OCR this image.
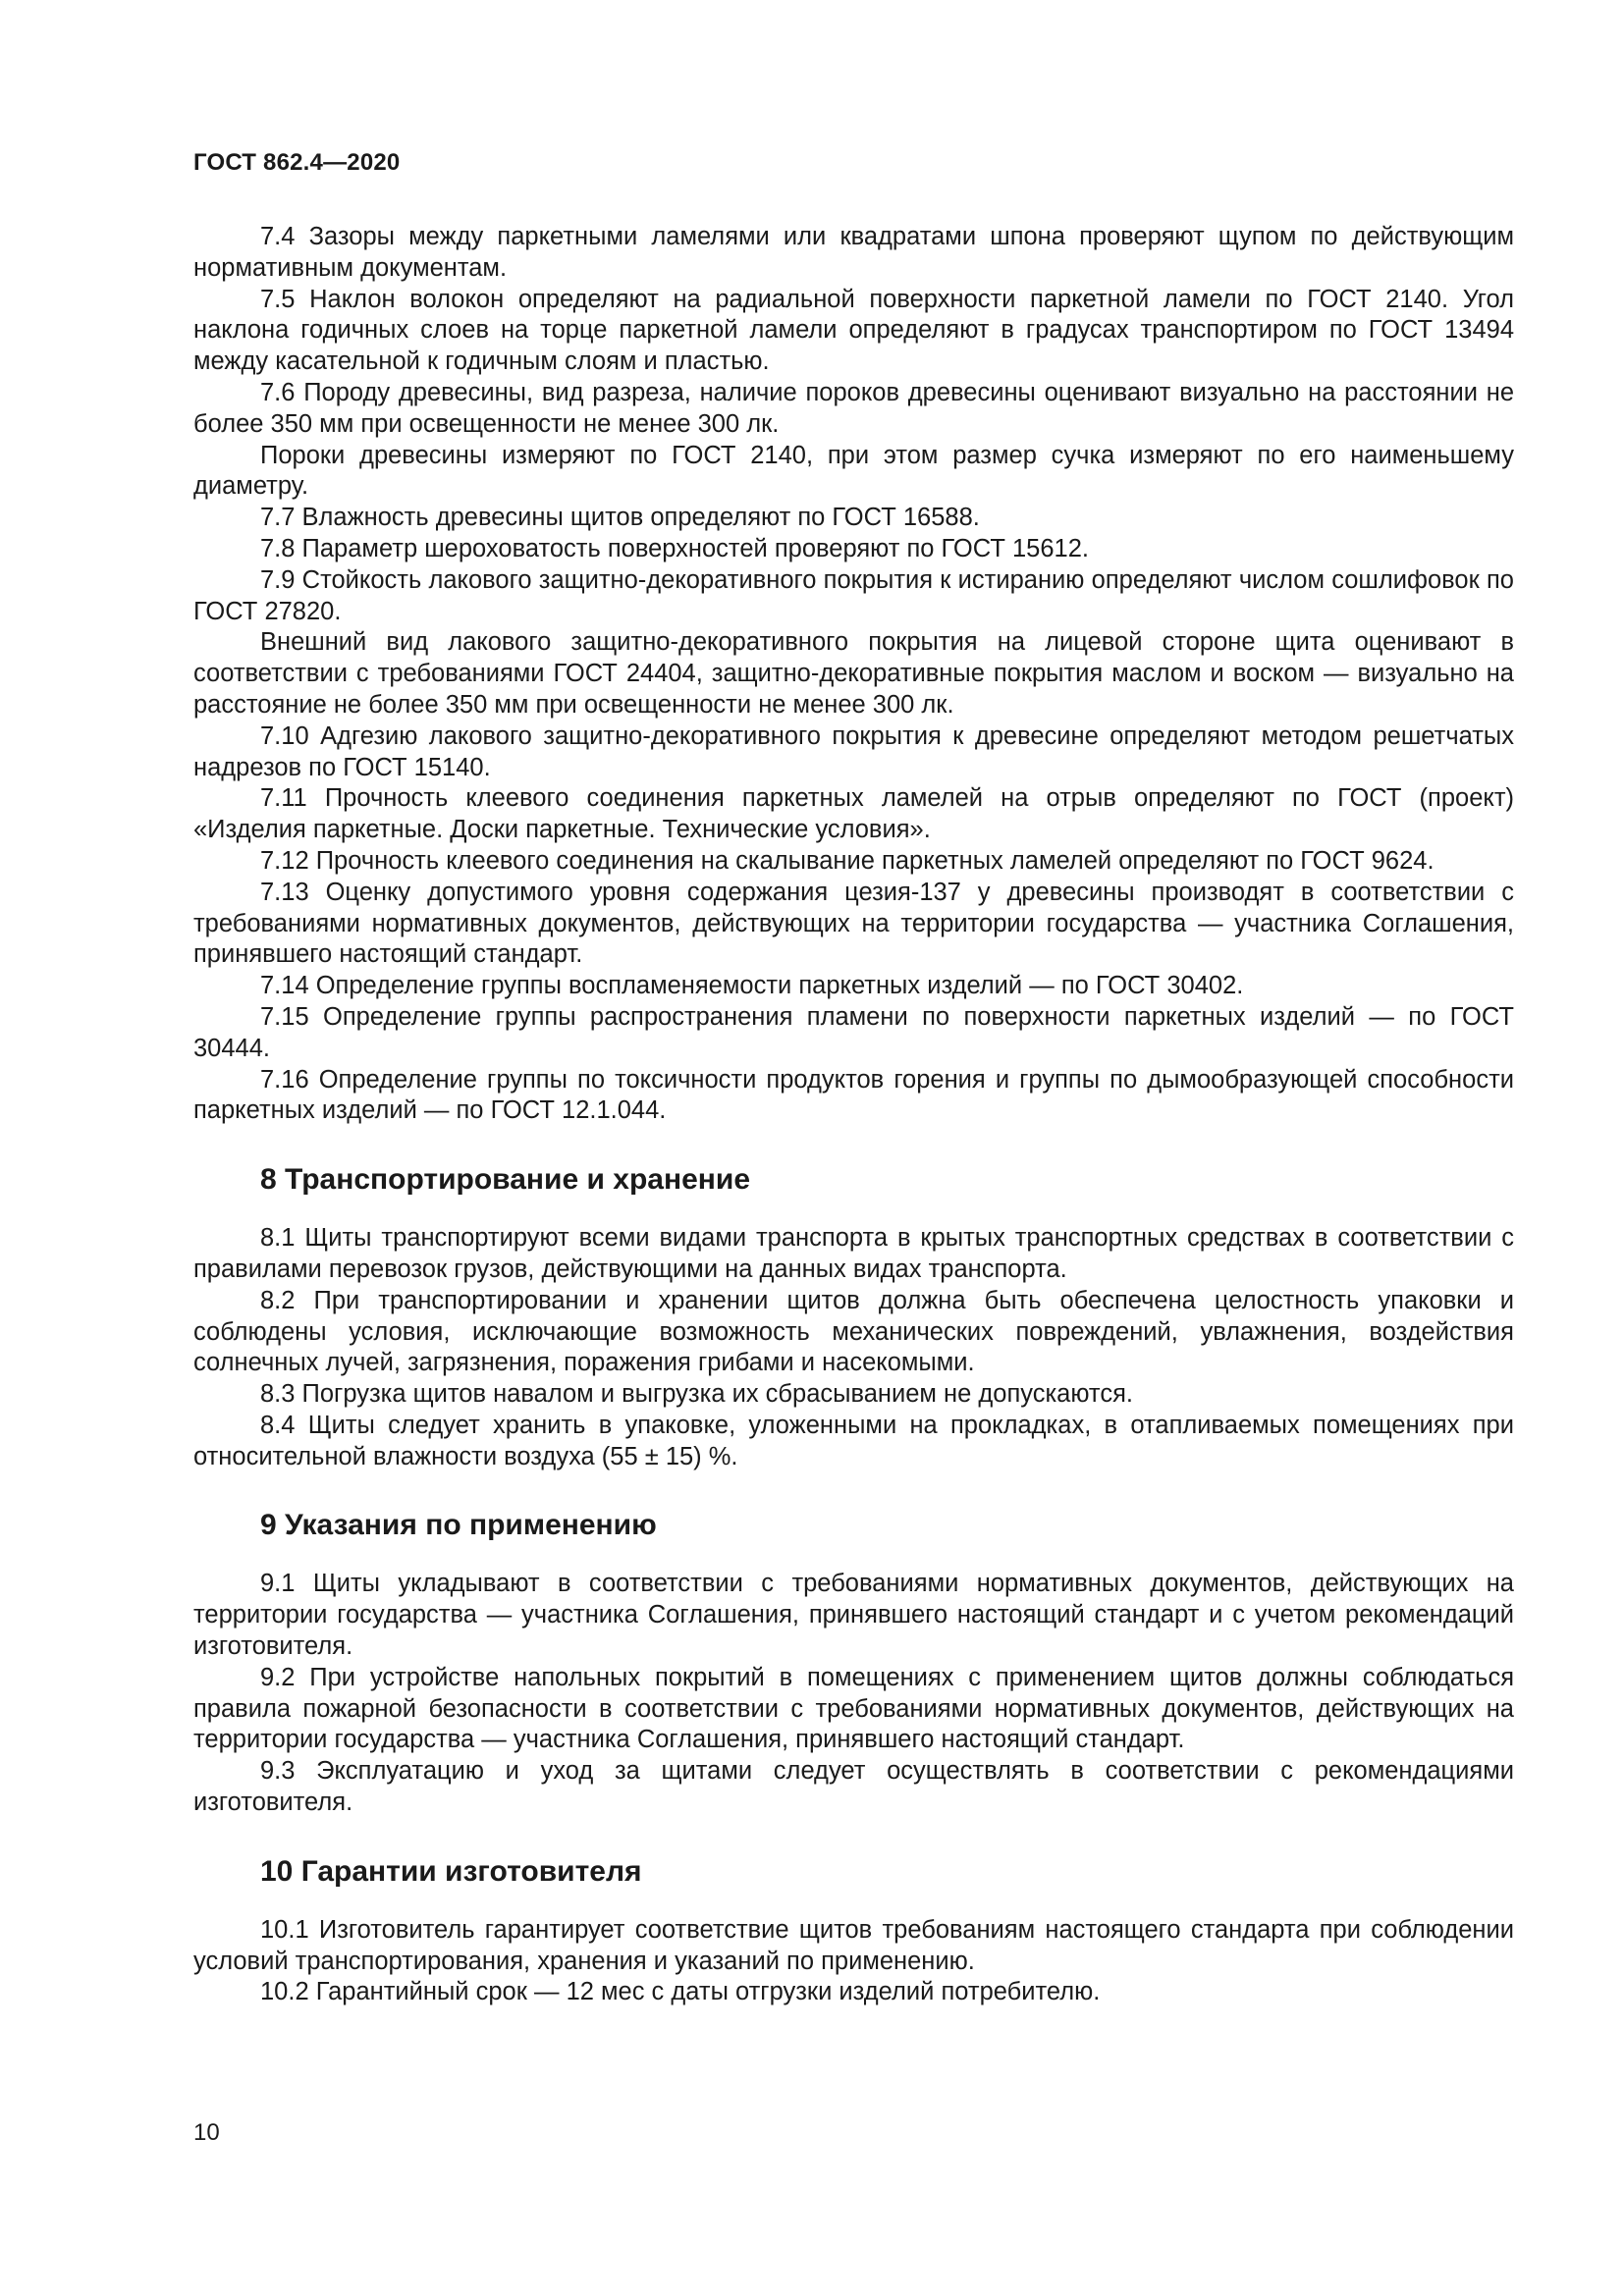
ГОСТ 862.4—2020

7.4 Зазоры между паркетными ламелями или квадратами шпона проверяют щупом по действующим нормативным документам.

7.5 Наклон волокон определяют на радиальной поверхности паркетной ламели по ГОСТ 2140. Угол наклона годичных слоев на торце паркетной ламели определяют в градусах транспортиром по ГОСТ 13494 между касательной к годичным слоям и пластью.

7.6 Породу древесины, вид разреза, наличие пороков древесины оценивают визуально на расстоянии не более 350 мм при освещенности не менее 300 лк.

Пороки древесины измеряют по ГОСТ 2140, при этом размер сучка измеряют по его наименьшему диаметру.

7.7 Влажность древесины щитов определяют по ГОСТ 16588.

7.8 Параметр шероховатость поверхностей проверяют по ГОСТ 15612.

7.9 Стойкость лакового защитно-декоративного покрытия к истиранию определяют числом сошлифовок по ГОСТ 27820.

Внешний вид лакового защитно-декоративного покрытия на лицевой стороне щита оценивают в соответствии с требованиями ГОСТ 24404, защитно-декоративные покрытия маслом и воском — визуально на расстояние не более 350 мм при освещенности не менее 300 лк.

7.10 Адгезию лакового защитно-декоративного покрытия к древесине определяют методом решетчатых надрезов по ГОСТ 15140.

7.11 Прочность клеевого соединения паркетных ламелей на отрыв определяют по ГОСТ (проект) «Изделия паркетные. Доски паркетные. Технические условия».

7.12 Прочность клеевого соединения на скалывание паркетных ламелей определяют по ГОСТ 9624.

7.13 Оценку допустимого уровня содержания цезия-137 у древесины производят в соответствии с требованиями нормативных документов, действующих на территории государства — участника Соглашения, принявшего настоящий стандарт.

7.14 Определение группы воспламеняемости паркетных изделий — по ГОСТ 30402.

7.15 Определение группы распространения пламени по поверхности паркетных изделий — по ГОСТ 30444.

7.16 Определение группы по токсичности продуктов горения и группы по дымообразующей способности паркетных изделий — по ГОСТ 12.1.044.

8 Транспортирование и хранение

8.1 Щиты транспортируют всеми видами транспорта в крытых транспортных средствах в соответствии с правилами перевозок грузов, действующими на данных видах транспорта.

8.2 При транспортировании и хранении щитов должна быть обеспечена целостность упаковки и соблюдены условия, исключающие возможность механических повреждений, увлажнения, воздействия солнечных лучей, загрязнения, поражения грибами и насекомыми.

8.3 Погрузка щитов навалом и выгрузка их сбрасыванием не допускаются.

8.4 Щиты следует хранить в упаковке, уложенными на прокладках, в отапливаемых помещениях при относительной влажности воздуха (55 ± 15) %.

9 Указания по применению

9.1 Щиты укладывают в соответствии с требованиями нормативных документов, действующих на территории государства — участника Соглашения, принявшего настоящий стандарт и с учетом рекомендаций изготовителя.

9.2 При устройстве напольных покрытий в помещениях с применением щитов должны соблюдаться правила пожарной безопасности в соответствии с требованиями нормативных документов, действующих на территории государства — участника Соглашения, принявшего настоящий стандарт.

9.3 Эксплуатацию и уход за щитами следует осуществлять в соответствии с рекомендациями изготовителя.

10 Гарантии изготовителя

10.1 Изготовитель гарантирует соответствие щитов требованиям настоящего стандарта при соблюдении условий транспортирования, хранения и указаний по применению.

10.2 Гарантийный срок — 12 мес с даты отгрузки изделий потребителю.

10
